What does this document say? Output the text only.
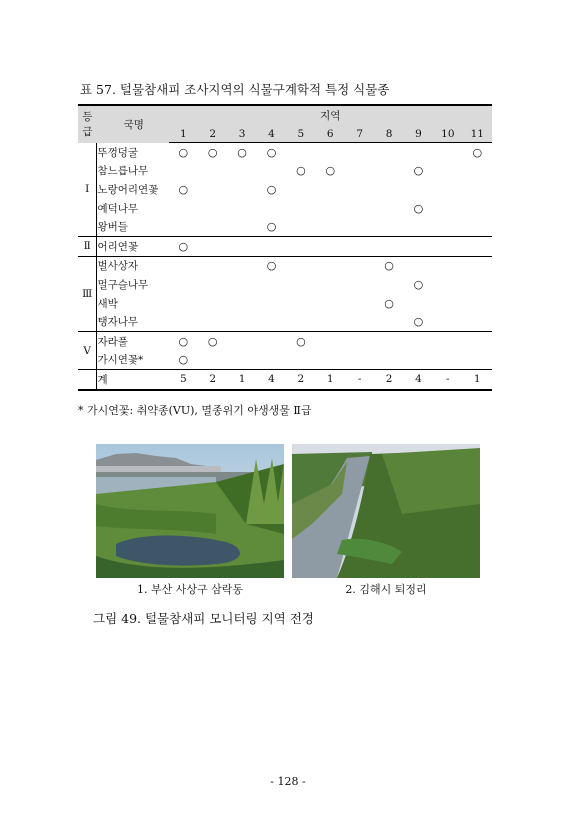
표 57. 털물참새피 조사지역의 식물구계학적 특정 식물종
등급	국명	지역										
		1	2	3	4	5	6	7	8	9	10	11
Ⅰ	뚜껑덩굴	○	○	○	○							○
	참느릅나무					○	○			○		
	노랑어리연꽃	○			○							
	예덕나무									○		
	왕버들				○							
Ⅱ	어리연꽃	○										
Ⅲ	벌사상자				○				○			
	멀구슬나무									○		
	새박								○			
	탱자나무									○		
Ⅴ	자라풀	○	○			○						
	가시연꽃*	○										
	계	5	2	1	4	2	1	-	2	4	-	1
* 가시연꽃: 취약종(VU), 멸종위기 야생생물 Ⅱ급
1. 부산 사상구 삼락동	2. 김해시 퇴정리
그림 49. 털물참새피 모니터링 지역 전경
- 128 -
